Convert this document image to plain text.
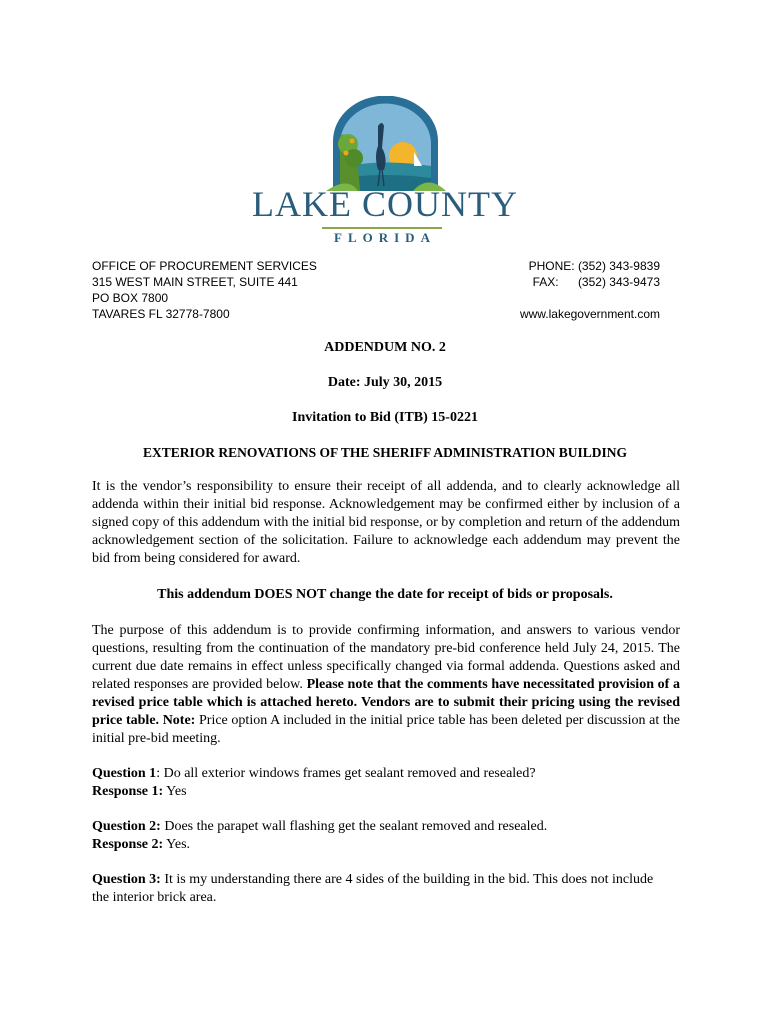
LAKE COUNTY
FLORIDA
OFFICE OF PROCUREMENT SERVICES
315 WEST MAIN STREET, SUITE 441
PO BOX 7800
TAVARES FL 32778-7800
PHONE: (352) 343-9839
FAX: (352) 343-9473
www.lakegovernment.com
ADDENDUM NO. 2
Date: July 30, 2015
Invitation to Bid (ITB) 15-0221
EXTERIOR RENOVATIONS OF THE SHERIFF ADMINISTRATION BUILDING
It is the vendor’s responsibility to ensure their receipt of all addenda, and to clearly acknowledge all addenda within their initial bid response. Acknowledgement may be confirmed either by inclusion of a signed copy of this addendum with the initial bid response, or by completion and return of the addendum acknowledgement section of the solicitation. Failure to acknowledge each addendum may prevent the bid from being considered for award.
This addendum DOES NOT change the date for receipt of bids or proposals.
The purpose of this addendum is to provide confirming information, and answers to various vendor questions, resulting from the continuation of the mandatory pre-bid conference held July 24, 2015. The current due date remains in effect unless specifically changed via formal addenda. Questions asked and related responses are provided below. Please note that the comments have necessitated provision of a revised price table which is attached hereto. Vendors are to submit their pricing using the revised price table. Note: Price option A included in the initial price table has been deleted per discussion at the initial pre-bid meeting.
Question 1: Do all exterior windows frames get sealant removed and resealed?
Response 1: Yes
Question 2: Does the parapet wall flashing get the sealant removed and resealed.
Response 2: Yes.
Question 3: It is my understanding there are 4 sides of the building in the bid. This does not include the interior brick area.
